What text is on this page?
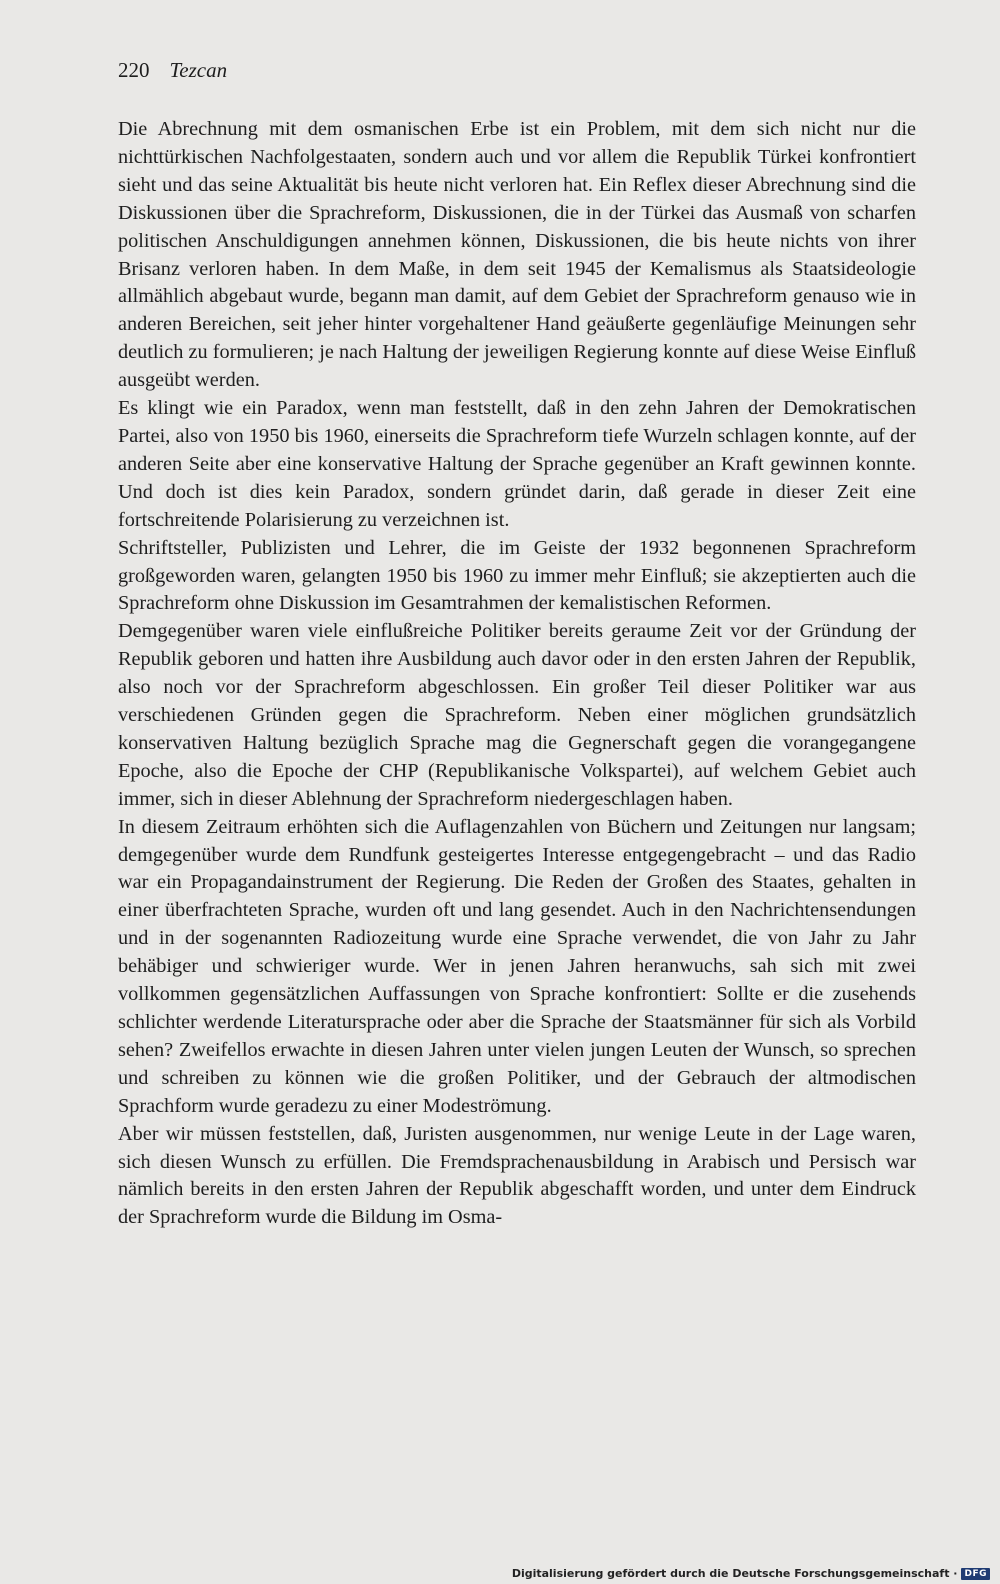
220 Tezcan

Die Abrechnung mit dem osmanischen Erbe ist ein Problem, mit dem sich nicht nur die nichttürkischen Nachfolgestaaten, sondern auch und vor allem die Republik Türkei konfrontiert sieht und das seine Aktualität bis heute nicht verloren hat. Ein Reflex dieser Abrechnung sind die Diskussionen über die Sprachreform, Diskussionen, die in der Türkei das Ausmaß von scharfen politischen Anschuldigungen annehmen können, Diskussionen, die bis heute nichts von ihrer Brisanz verloren haben. In dem Maße, in dem seit 1945 der Kemalismus als Staatsideologie allmählich abgebaut wurde, begann man damit, auf dem Gebiet der Sprachreform genauso wie in anderen Bereichen, seit jeher hinter vorgehaltener Hand geäußerte gegenläufige Meinungen sehr deutlich zu formulieren; je nach Haltung der jeweiligen Regierung konnte auf diese Weise Einfluß ausgeübt werden.

Es klingt wie ein Paradox, wenn man feststellt, daß in den zehn Jahren der Demokratischen Partei, also von 1950 bis 1960, einerseits die Sprachreform tiefe Wurzeln schlagen konnte, auf der anderen Seite aber eine konservative Haltung der Sprache gegenüber an Kraft gewinnen konnte. Und doch ist dies kein Paradox, sondern gründet darin, daß gerade in dieser Zeit eine fortschreitende Polarisierung zu verzeichnen ist.

Schriftsteller, Publizisten und Lehrer, die im Geiste der 1932 begonnenen Sprachreform großgeworden waren, gelangten 1950 bis 1960 zu immer mehr Einfluß; sie akzeptierten auch die Sprachreform ohne Diskussion im Gesamtrahmen der kemalistischen Reformen.

Demgegenüber waren viele einflußreiche Politiker bereits geraume Zeit vor der Gründung der Republik geboren und hatten ihre Ausbildung auch davor oder in den ersten Jahren der Republik, also noch vor der Sprachreform abgeschlossen. Ein großer Teil dieser Politiker war aus verschiedenen Gründen gegen die Sprachreform. Neben einer möglichen grundsätzlich konservativen Haltung bezüglich Sprache mag die Gegnerschaft gegen die vorangegangene Epoche, also die Epoche der CHP (Republikanische Volkspartei), auf welchem Gebiet auch immer, sich in dieser Ablehnung der Sprachreform niedergeschlagen haben.

In diesem Zeitraum erhöhten sich die Auflagenzahlen von Büchern und Zeitungen nur langsam; demgegenüber wurde dem Rundfunk gesteigertes Interesse entgegengebracht – und das Radio war ein Propagandainstrument der Regierung. Die Reden der Großen des Staates, gehalten in einer überfrachteten Sprache, wurden oft und lang gesendet. Auch in den Nachrichtensendungen und in der sogenannten Radiozeitung wurde eine Sprache verwendet, die von Jahr zu Jahr behäbiger und schwieriger wurde. Wer in jenen Jahren heranwuchs, sah sich mit zwei vollkommen gegensätzlichen Auffassungen von Sprache konfrontiert: Sollte er die zusehends schlichter werdende Literatursprache oder aber die Sprache der Staatsmänner für sich als Vorbild sehen? Zweifellos erwachte in diesen Jahren unter vielen jungen Leuten der Wunsch, so sprechen und schreiben zu können wie die großen Politiker, und der Gebrauch der altmodischen Sprachform wurde geradezu zu einer Modeströmung.

Aber wir müssen feststellen, daß, Juristen ausgenommen, nur wenige Leute in der Lage waren, sich diesen Wunsch zu erfüllen. Die Fremdsprachenausbildung in Arabisch und Persisch war nämlich bereits in den ersten Jahren der Republik abgeschafft worden, und unter dem Eindruck der Sprachreform wurde die Bildung im Osma-

Digitalisierung gefördert durch die Deutsche Forschungsgemeinschaft · DFG
